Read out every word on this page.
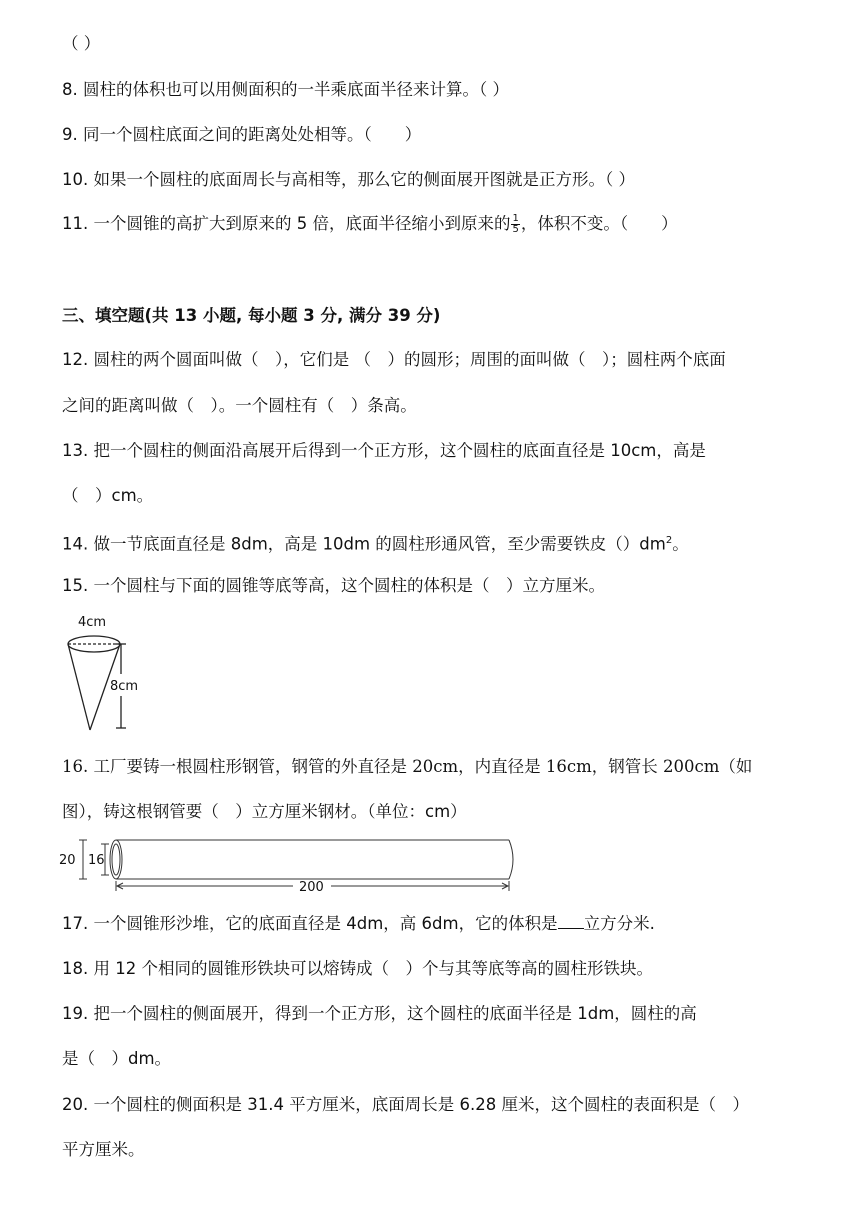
（ ）
8. 圆柱的体积也可以用侧面积的一半乘底面半径来计算。（ ）
9. 同一个圆柱底面之间的距离处处相等。（　　）
10. 如果一个圆柱的底面周长与高相等，那么它的侧面展开图就是正方形。（ ）
11. 一个圆锥的高扩大到原来的 5 倍，底面半径缩小到原来的 $\frac{1}{5}$ ，体积不变。（　　）
三、填空题(共 13 小题, 每小题 3 分, 满分 39 分)
12. 圆柱的两个圆面叫做（　），它们是 （　）的圆形；周围的面叫做（　）；圆柱两个底面
之间的距离叫做（　）。一个圆柱有（　）条高。
13. 把一个圆柱的侧面沿高展开后得到一个正方形，这个圆柱的底面直径是 10cm，高是
（　）cm。
14. 做一节底面直径是 8dm，高是 10dm 的圆柱形通风管，至少需要铁皮$()dm^2$。
15. 一个圆柱与下面的圆锥等底等高，这个圆柱的体积是（　）立方厘米。
4cm
8cm
16. 工厂要铸一根圆柱形钢管，钢管的外直径是 20cm，内直径是 16cm，钢管长 200cm（如
图），铸这根钢管要（　）立方厘米钢材。（单位：cm）
20 16
200
17. 一个圆锥形沙堆，它的底面直径是 4dm，高 6dm，它的体积是 立方分米.
18. 用 12 个相同的圆锥形铁块可以熔铸成（　）个与其等底等高的圆柱形铁块。
19. 把一个圆柱的侧面展开，得到一个正方形，这个圆柱的底面半径是 1dm，圆柱的高
是（　）dm。
20. 一个圆柱的侧面积是 31.4 平方厘米，底面周长是 6.28 厘米，这个圆柱的表面积是（　）
平方厘米。
